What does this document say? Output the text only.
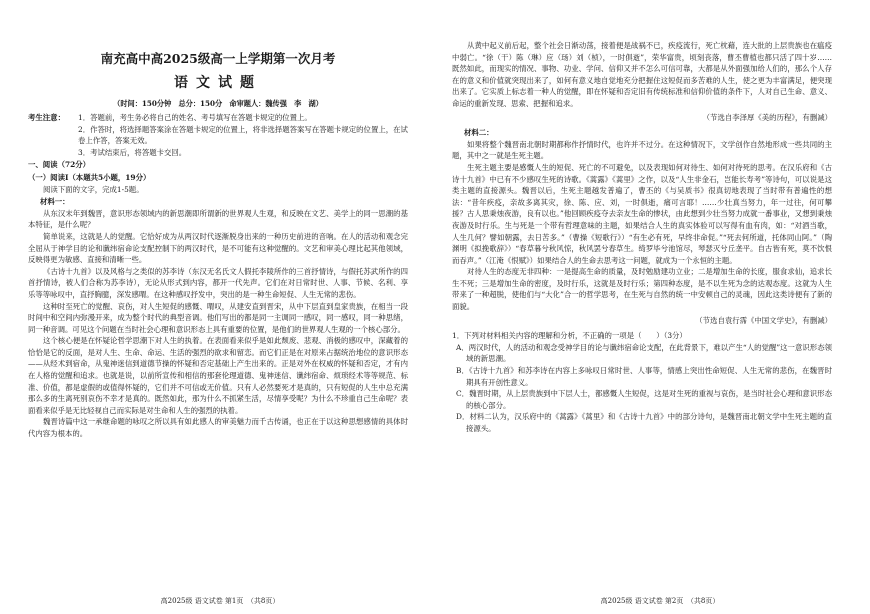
南充高中高2025级高一上学期第一次月考
语文试题
（时间：150分钟　总分：150分　命审题人：魏传强　李　湖）
考生注意：	1．答题前，考生务必将自己的姓名、考号填写在答题卡规定的位置上。
2．作答时，将选择题答案涂在答题卡规定的位置上，将非选择题答案写在答题卡规定的位置上，在试卷上作答，答案无效。
3．考试结束后，将答题卡交回。
一、阅读（72分）
（一）阅读Ⅰ（本题共5小题，19分）

阅读下面的文字，完成1-5题。

材料一：

从东汉末年到魏晋，意识形态领域内的新思潮即所谓新的世界观人生观，和反映在文艺、美学上的同一思潮的基本特征，是什么呢？

简单说来，这就是人的觉醒。它恰好成为从两汉时代逐渐脱身出来的一种历史前进的音响。在人的活动和观念完全屈从于神学目的论和谶纬宿命论支配控制下的两汉时代，是不可能有这种觉醒的。文艺和审美心理比起其他领域，反映得更为敏感、直接和清晰一些。

《古诗十九首》以及风格与之类似的苏李诗（东汉无名氏文人假托李陵所作的三首抒情诗，与假托苏武所作的四首抒情诗，被人们合称为苏李诗），无论从形式到内容，都开一代先声。它们在对日常时世、人事、节候、名利、享乐等等咏叹中，直抒胸臆，深发感喟。在这种感叹抒发中，突出的是一种生命短促、人生无常的悲伤。

这种时至死亡的觉醒、哀伤，对人生短促的感慨、喟叹，从建安直到晋宋，从中下层直到皇家贵族，在相当一段时间中和空间内弥漫开来，成为整个时代的典型音调。他们写出的都是同一主调同一感叹，同一感叹，同一种思绪，同一种音调。可见这个问题在当时社会心理和意识形态上具有重要的位置，是他们的世界观人生观的一个核心部分。

这个核心便是在怀疑论哲学思潮下对人生的执着。在表面看来似乎是如此颓废、悲观、消极的感叹中，深藏着的恰恰是它的反面，是对人生、生命、命运、生活的强烈的欲求和留恋。而它们正是在对原来占据统治地位的意识形态——从经术到宿命，从鬼神迷信到道德节操的怀疑和否定基础上产生出来的。正是对外在权威的怀疑和否定，才有内在人格的觉醒和追求。也就是说，以前所宣传和相信的那套伦理道德、鬼神迷信、谶纬宿命、烦琐经术等等规范、标准、价值，都是虚假的或值得怀疑的，它们并不可信或无价值。只有人必然要死才是真的，只有短促的人生中总充满那么多的生离死别哀伤不幸才是真的。既然如此，那为什么不抓紧生活，尽情享受呢？为什么不珍重自己生命呢？表面看来似乎是无比轻视自己而实际是对生命和人生的强烈的执着。

魏晋诗篇中这一承继命题的咏叹之所以具有如此感人的审美魅力而千古传诵，也正在于以这种思想感情的具体时代内容为根本的。

从黄中起义前后起，整个社会日渐动荡，接着便是战祸不已，疾疫流行，死亡枕藉，连大批的上层贵族也在瘟疫中弱亡。“徐（干）陈（琳）应（玚）刘（桢），一时俱逝”，荣华富贵，顷刻丧落，曹丕曹植也都只活了四十岁……既然如此，而现实的情况、事物、功业、学问、信仰又并不怎么可信可靠，大都是从外面强加给人们的，那么个人存在的意义和价值就突现出来了，如何有意义地自觉地充分把握住这短促而多苦难的人生，使之更为丰富满足，便突现出来了。它实质上标志着一种人的觉醒，即在怀疑和否定旧有传统标准和信仰价值的条件下，人对自己生命、意义、命运的重新发现、思索、把握和追求。

（节选自李泽厚《美的历程》，有删减）
材料二：

如果将整个魏晋南北朝时期都称作抒情时代，也许并不过分。在这种情况下，文学创作自然地形成一些共同的主题，其中之一就是生死主题。

生死主题主要是感慨人生的短促、死亡的不可避免，以及表现如何对待生、如何对待死的思考。在汉乐府和《古诗十九首》中已有不少感叹生死的诗歌。《蒿露》《蒿里》之作，以及“人生非金石，岂能长寿考”等诗句，可以说是这类主题的直接源头。魏晋以后，生死主题越发普遍了，曹丕的《与吴质书》很真切地表现了当时带有普遍性的想法：“昔年疾疫，亲故多离其灾，徐、陈、应、刘，一时俱逝，痛可言耶！……少壮真当努力，年一过往，何可攀援？古人思秉烛夜游，良有以也。”他回顾疾疫夺去亲友生命的惨状，由此想到少壮当努力成就一番事业，又想到秉烛夜游及时行乐。生与死是一个带有哲理意味的主题，如果结合人生的真实体验可以写得有血有肉，如：“对酒当歌，人生几何？譬如朝露，去日苦多。”（曹操《短歌行》）“有生必有死，早终非命促。”“死去何所道，托体同山阿。”（陶渊明《拟挽歌辞》）“春草暮兮秋风惊，秋风罢兮春草生。绮罗毕兮池馆尽，琴瑟灭兮丘垄平。自古皆有死，莫不饮恨而吞声。”（江淹《恨赋》）如果结合人的生命去思考这一问题，就成为一个永恒的主题。

对待人生的态度无非四种：一是提高生命的质量，及时勉励建功立业；二是增加生命的长度，服食求仙，追求长生不死；三是增加生命的密度，及时行乐，这就是及时行乐；第四种态度，是不以生死为念的达观态度。这就为人生带来了一种超脱，使他们与“大化”合一的哲学思考，在生死与自然的统一中安顿自己的灵魂，因此这类诗便有了新的面貌。

（节选自袁行霈《中国文学史》，有删减）
1．下列对材料相关内容的理解和分析，不正确的一项是（　　）（3分）

A．两汉时代，人的活动和观念受神学目的论与谶纬宿命论支配，在此背景下，难以产生“人的觉醒”这一意识形态领域的新思潮。

B．《古诗十九首》和苏李诗在内容上多咏叹日常时世、人事等，情感上突出性命短促、人生无常的悲伤，在魏晋时期具有开创性意义。

C．魏晋时期，从上层贵族到中下层人士，都感慨人生短促，这是对生死的重视与哀伤，是当时社会心理和意识形态的核心部分。

D．材料二认为，汉乐府中的《蒿露》《蒿里》和《古诗十九首》中的部分诗句，是魏晋南北朝文学中生死主题的直接源头。

高2025级 语文试卷 第1页　（共8页）	高2025级 语文试卷 第2页　（共8页）
